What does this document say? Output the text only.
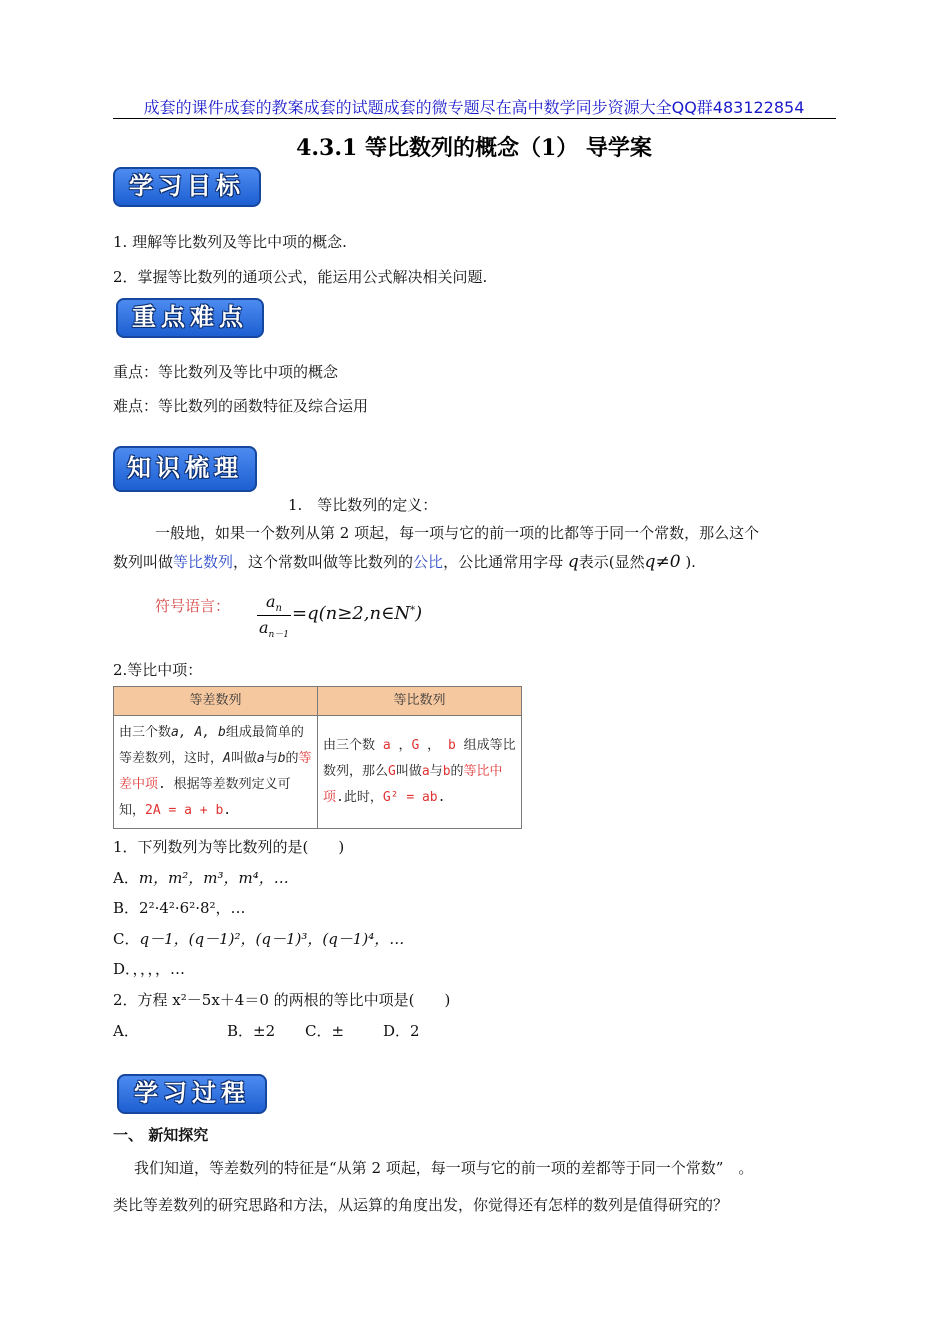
成套的课件成套的教案成套的试题成套的微专题尽在高中数学同步资源大全QQ群483122854
4.3.1 等比数列的概念（1） 导学案
学习目标
1. 理解等比数列及等比中项的概念.
2．掌握等比数列的通项公式，能运用公式解决相关问题.
重点难点
重点：等比数列及等比中项的概念
难点：等比数列的函数特征及综合运用
知识梳理
1.　等比数列的定义：
一般地，如果一个数列从第 2 项起，每一项与它的前一项的比都等于同一个常数，那么这个
数列叫做等比数列，这个常数叫做等比数列的公比，公比通常用字母 q表示(显然q≠0 ).
符号语言：	$a_n$
$a_{n-1}$
=q(n≥2,n∈N*)
2.等比中项：
等差数列	等比数列
由三个数a, A, b组成最简单的等差数列，这时，A叫做a与b的等差中项. 根据等差数列定义可知，2A = a + b.	由三个数 a ，G ， b 组成等比数列，那么G叫做a与b的等比中项.此时，G² = ab.
1．下列数列为等比数列的是(　　)
A．m，m²，m³，m⁴，…
B．2²·4²·6²·8²，…
C．q－1，(q－1)²，(q－1)³，(q－1)⁴，…
D．，，，，…
2．方程 x²－5x＋4＝0 的两根的等比中项是(　　)
A．	B．±2 C．±	D．2
学习过程
一、 新知探究
我们知道，等差数列的特征是“从第 2 项起，每一项与它的前一项的差都等于同一个常数”　。
类比等差数列的研究思路和方法，从运算的角度出发，你觉得还有怎样的数列是值得研究的？
